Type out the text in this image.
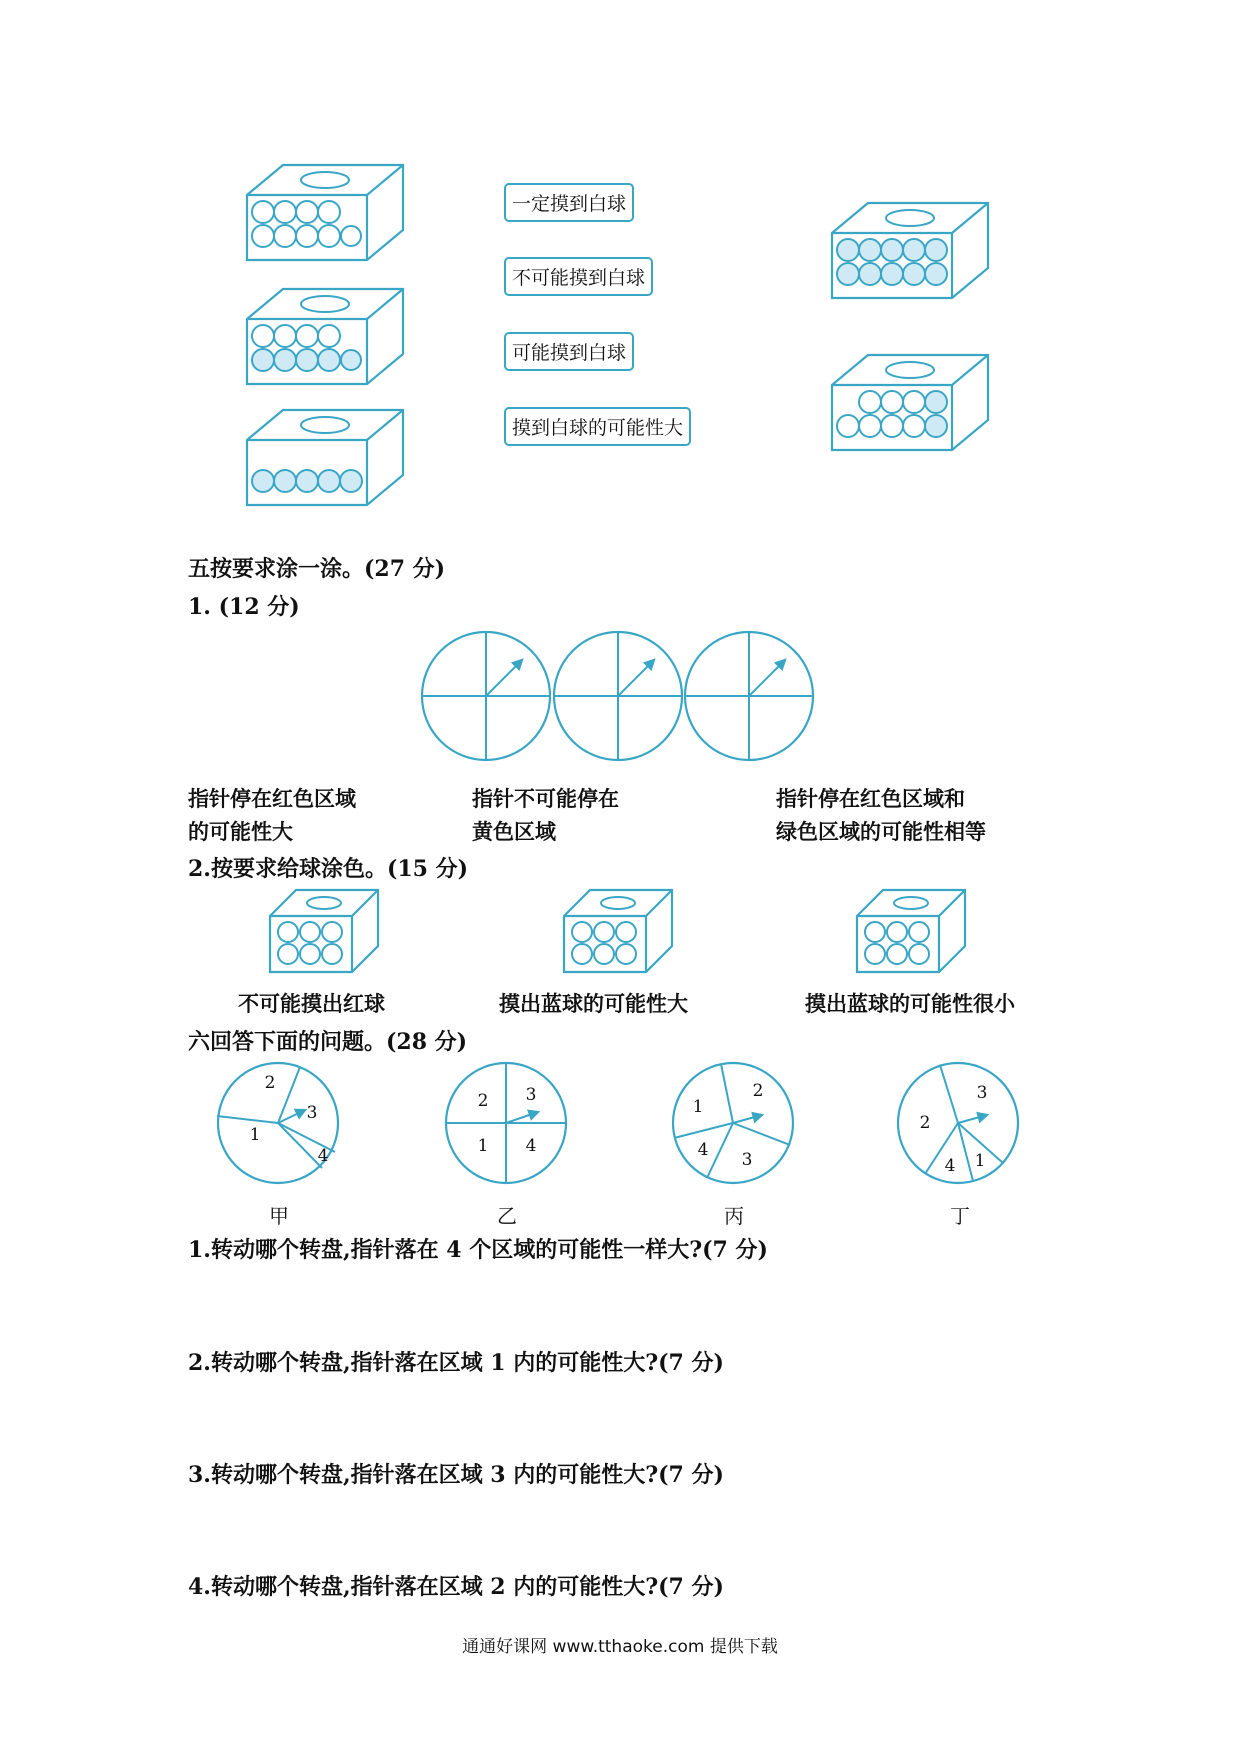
一定摸到白球
不可能摸到白球
可能摸到白球
摸到白球的可能性大
五按要求涂一涂。(27 分)
1. (12 分)
指针停在红色区域
的可能性大
指针不可能停在
黄色区域
指针停在红色区域和
绿色区域的可能性相等
2.按要求给球涂色。(15 分)
不可能摸出红球	摸出蓝球的可能性大	摸出蓝球的可能性很小
六回答下面的问题。(28 分)
1
2
3
4
2 3
1 4
1
2
4 3
2
3
4 1
甲	乙	丙	丁
1.转动哪个转盘,指针落在 4 个区域的可能性一样大?(7 分)
2.转动哪个转盘,指针落在区域 1 内的可能性大?(7 分)
3.转动哪个转盘,指针落在区域 3 内的可能性大?(7 分)
4.转动哪个转盘,指针落在区域 2 内的可能性大?(7 分)
通通好课网 www.tthaoke.com 提供下载
